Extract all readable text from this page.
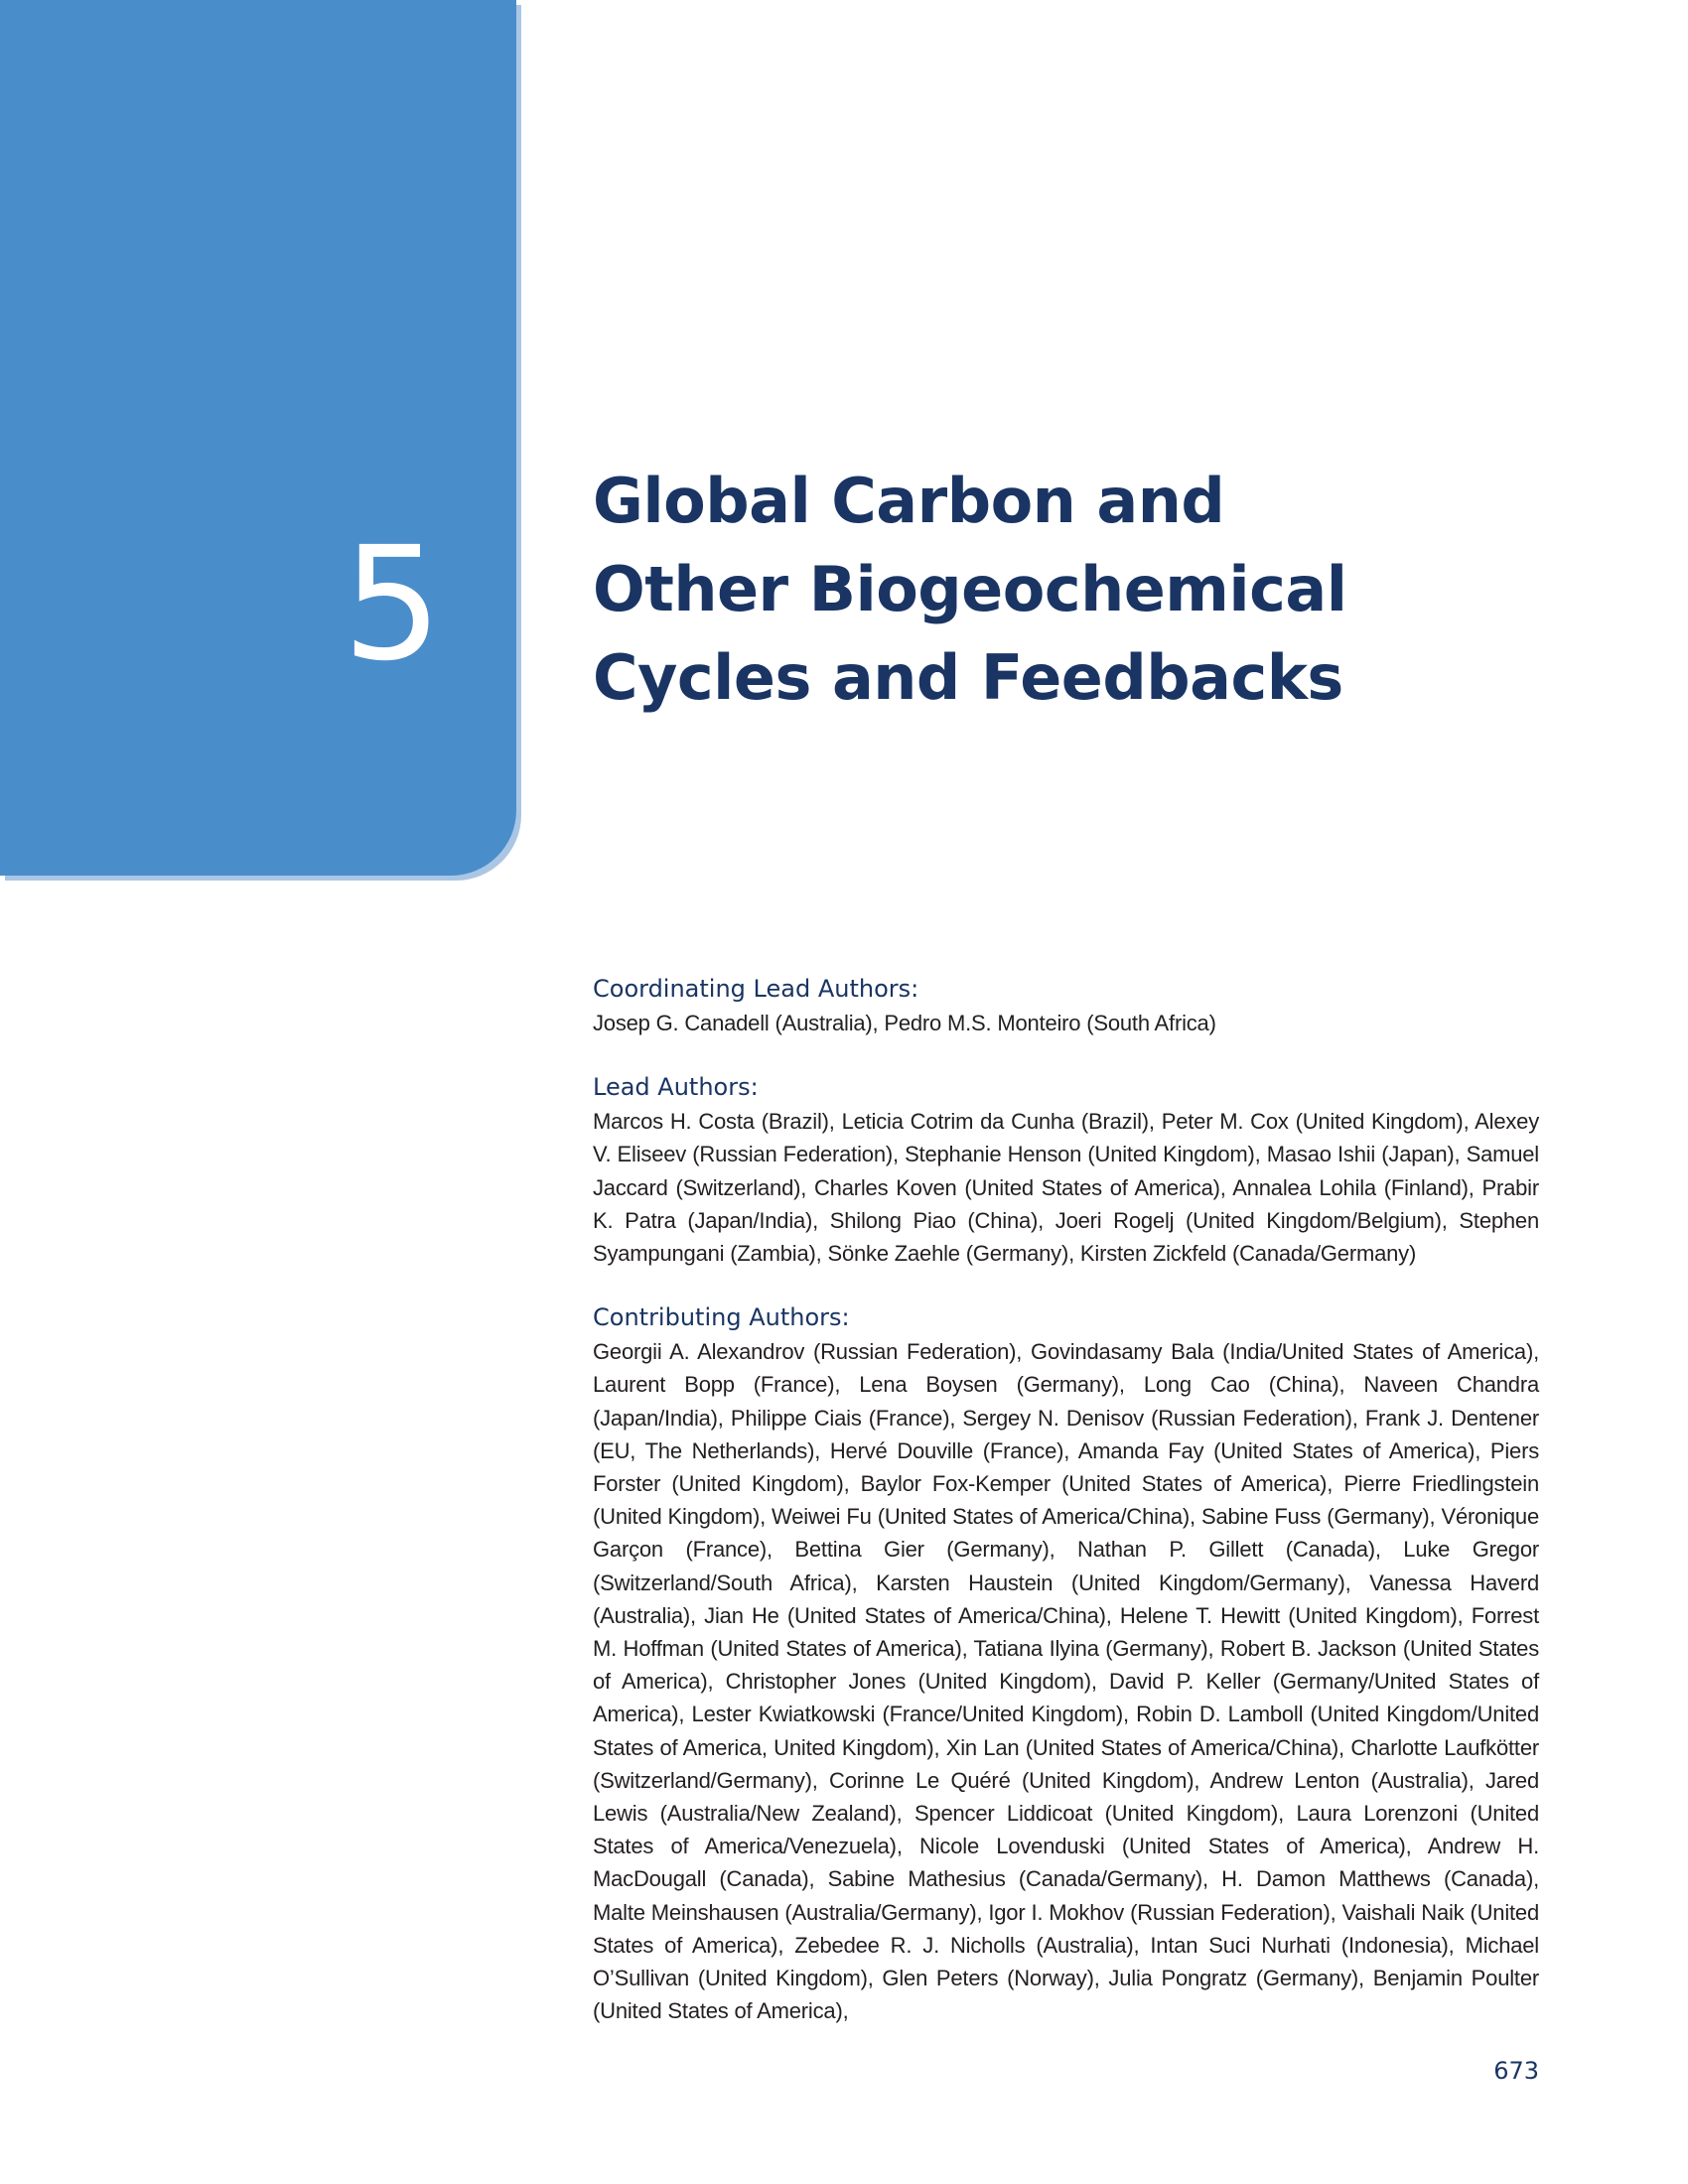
5
Global Carbon and
Other Biogeochemical
Cycles and Feedbacks
Coordinating Lead Authors:

Josep G. Canadell (Australia), Pedro M.S. Monteiro (South Africa)

Lead Authors:

Marcos H. Costa (Brazil), Leticia Cotrim da Cunha (Brazil), Peter M. Cox (United Kingdom), Alexey V. Eliseev (Russian Federation), Stephanie Henson (United Kingdom), Masao Ishii (Japan), Samuel Jaccard (Switzerland), Charles Koven (United States of America), Annalea Lohila (Finland), Prabir K. Patra (Japan/India), Shilong Piao (China), Joeri Rogelj (United Kingdom/Belgium), Stephen Syampungani (Zambia), Sönke Zaehle (Germany), Kirsten Zickfeld (Canada/Germany)

Contributing Authors:

Georgii A. Alexandrov (Russian Federation), Govindasamy Bala (India/United States of America), Laurent Bopp (France), Lena Boysen (Germany), Long Cao (China), Naveen Chandra (Japan/India), Philippe Ciais (France), Sergey N. Denisov (Russian Federation), Frank J. Dentener (EU, The Netherlands), Hervé Douville (France), Amanda Fay (United States of America), Piers Forster (United Kingdom), Baylor Fox-Kemper (United States of America), Pierre Friedlingstein (United Kingdom), Weiwei Fu (United States of America/China), Sabine Fuss (Germany), Véronique Garçon (France), Bettina Gier (Germany), Nathan P. Gillett (Canada), Luke Gregor (Switzerland/South Africa), Karsten Haustein (United Kingdom/Germany), Vanessa Haverd (Australia), Jian He (United States of America/China), Helene T. Hewitt (United Kingdom), Forrest M. Hoffman (United States of America), Tatiana Ilyina (Germany), Robert B. Jackson (United States of America), Christopher Jones (United Kingdom), David P. Keller (Germany/United States of America), Lester Kwiatkowski (France/United Kingdom), Robin D. Lamboll (United Kingdom/United States of America, United Kingdom), Xin Lan (United States of America/China), Charlotte Laufkötter (Switzerland/Germany), Corinne Le Quéré (United Kingdom), Andrew Lenton (Australia), Jared Lewis (Australia/New Zealand), Spencer Liddicoat (United Kingdom), Laura Lorenzoni (United States of America/Venezuela), Nicole Lovenduski (United States of America), Andrew H. MacDougall (Canada), Sabine Mathesius (Canada/Germany), H. Damon Matthews (Canada), Malte Meinshausen (Australia/Germany), Igor I. Mokhov (Russian Federation), Vaishali Naik (United States of America), Zebedee R. J. Nicholls (Australia), Intan Suci Nurhati (Indonesia), Michael O’Sullivan (United Kingdom), Glen Peters (Norway), Julia Pongratz (Germany), Benjamin Poulter (United States of America),

673
